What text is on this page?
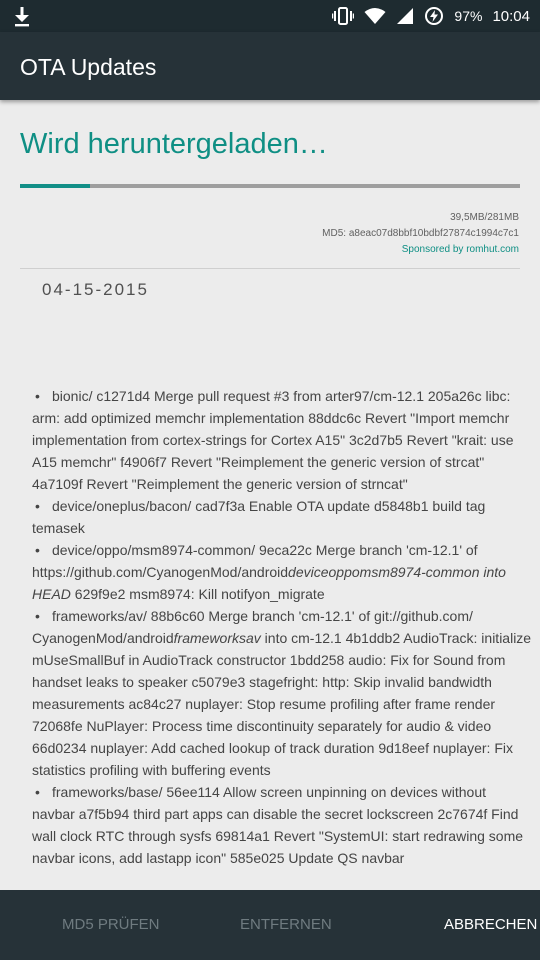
97% 10:04
OTA Updates
Wird heruntergeladen…
39,5MB/281MB
MD5: a8eac07d8bbf10bdbf27874c1994c7c1
Sponsored by romhut.com
04-15-2015
• bionic/ c1271d4 Merge pull request #3 from arter97/cm-12.1 205a26c libc: arm: add optimized memchr implementation 88ddc6c Revert "Import memchr implementation from cortex-strings for Cortex A15" 3c2d7b5 Revert "krait: use A15 memchr" f4906f7 Revert "Reimplement the generic version of strcat" 4a7109f Revert "Reimplement the generic version of strncat"
• device/oneplus/bacon/ cad7f3a Enable OTA update d5848b1 build tag temasek
• device/oppo/msm8974-common/ 9eca22c Merge branch 'cm-12.1' of https://github.com/CyanogenMod/androiddeviceoppomsm8974-common into HEAD 629f9e2 msm8974: Kill notifyon_migrate
• frameworks/av/ 88b6c60 Merge branch 'cm-12.1' of git://github.com/ CyanogenMod/androidframeworksav into cm-12.1 4b1ddb2 AudioTrack: initialize mUseSmallBuf in AudioTrack constructor 1bdd258 audio: Fix for Sound from handset leaks to speaker c5079e3 stagefright: http: Skip invalid bandwidth measurements ac84c27 nuplayer: Stop resume profiling after frame render 72068fe NuPlayer: Process time discontinuity separately for audio & video 66d0234 nuplayer: Add cached lookup of track duration 9d18eef nuplayer: Fix statistics profiling with buffering events
• frameworks/base/ 56ee114 Allow screen unpinning on devices without navbar a7f5b94 third part apps can disable the secret lockscreen 2c7674f Find wall clock RTC through sysfs 69814a1 Revert "SystemUI: start redrawing some navbar icons, add lastapp icon" 585e025 Update QS navbar
MD5 PRÜFEN	ENTFERNEN	ABBRECHEN
